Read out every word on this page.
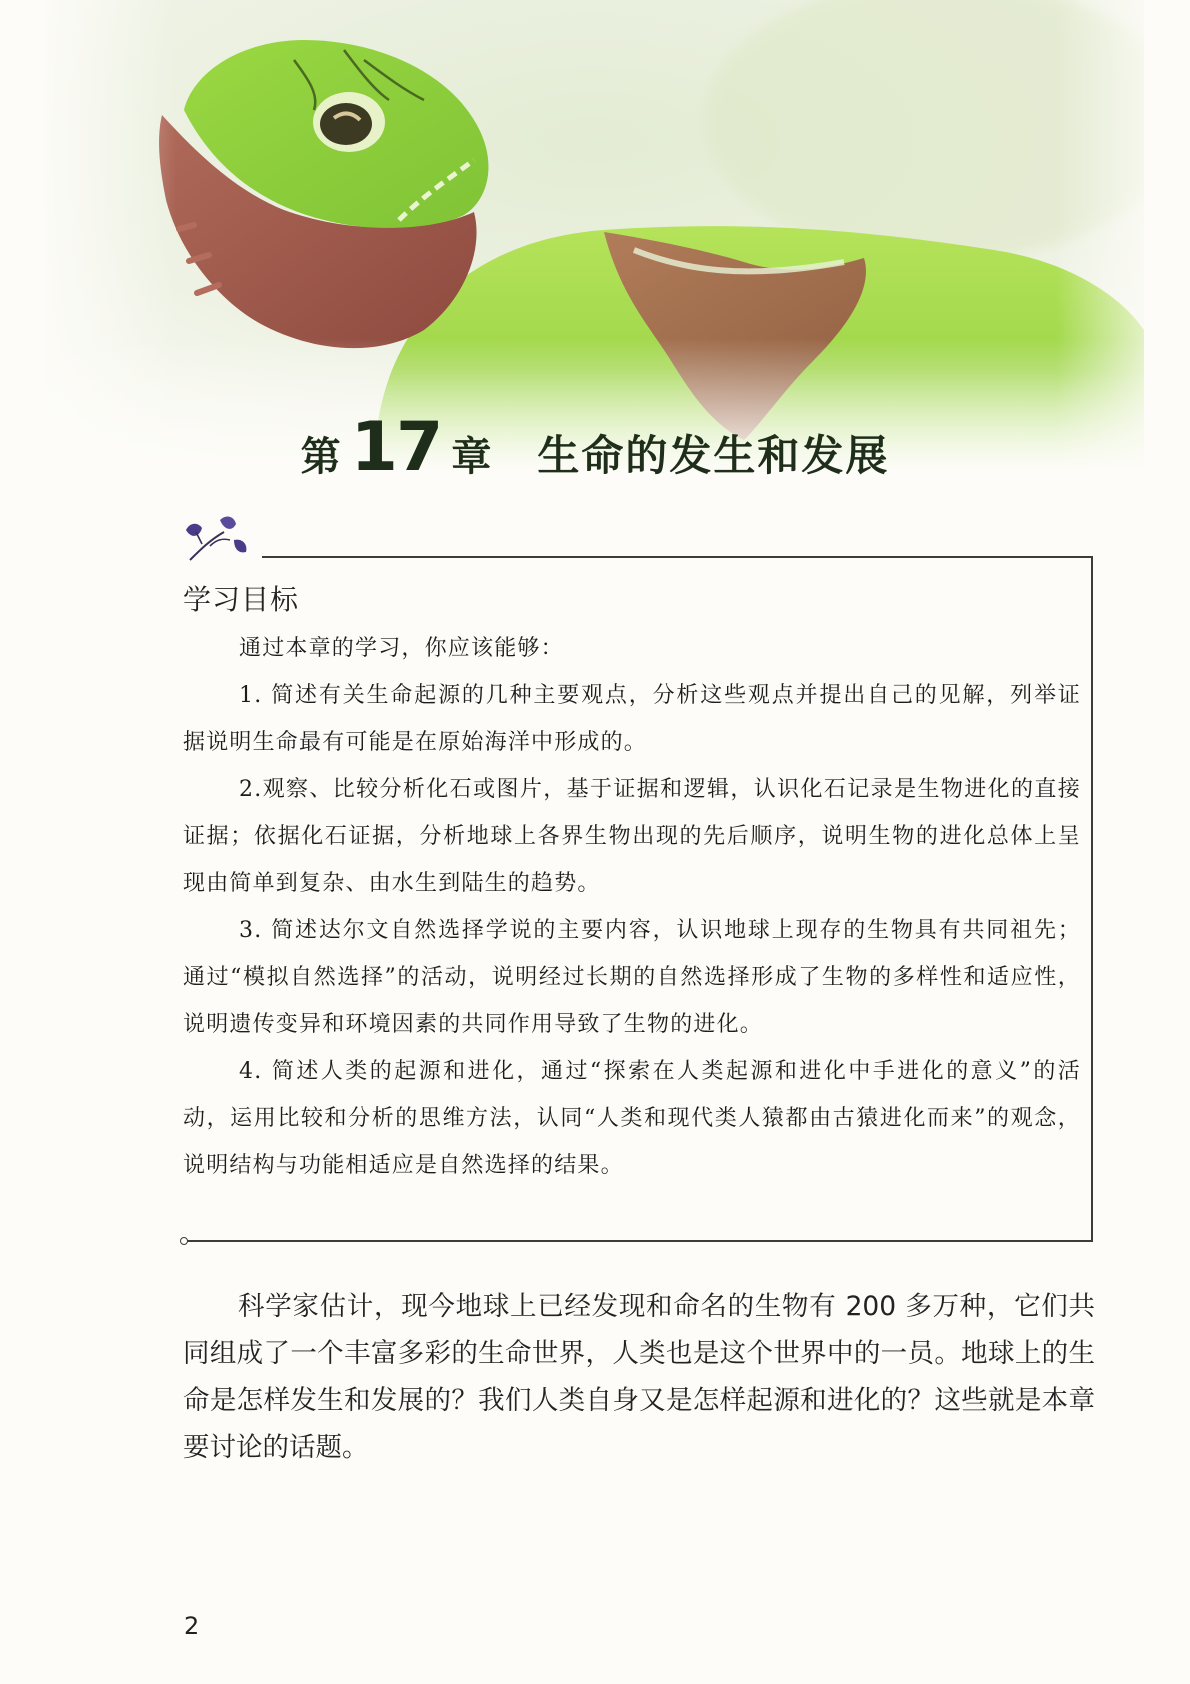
第 17 章 生命的发生和发展
学习目标

通过本章的学习，你应该能够：

1. 简述有关生命起源的几种主要观点，分析这些观点并提出自己的见解，列举证据说明生命最有可能是在原始海洋中形成的。

2.观察、比较分析化石或图片，基于证据和逻辑，认识化石记录是生物进化的直接证据；依据化石证据，分析地球上各界生物出现的先后顺序，说明生物的进化总体上呈现由简单到复杂、由水生到陆生的趋势。

3. 简述达尔文自然选择学说的主要内容，认识地球上现存的生物具有共同祖先；通过“模拟自然选择”的活动，说明经过长期的自然选择形成了生物的多样性和适应性，说明遗传变异和环境因素的共同作用导致了生物的进化。

4. 简述人类的起源和进化，通过“探索在人类起源和进化中手进化的意义”的活动，运用比较和分析的思维方法，认同“人类和现代类人猿都由古猿进化而来”的观念，说明结构与功能相适应是自然选择的结果。

科学家估计，现今地球上已经发现和命名的生物有 200 多万种，它们共同组成了一个丰富多彩的生命世界，人类也是这个世界中的一员。地球上的生命是怎样发生和发展的？我们人类自身又是怎样起源和进化的？这些就是本章要讨论的话题。

2
